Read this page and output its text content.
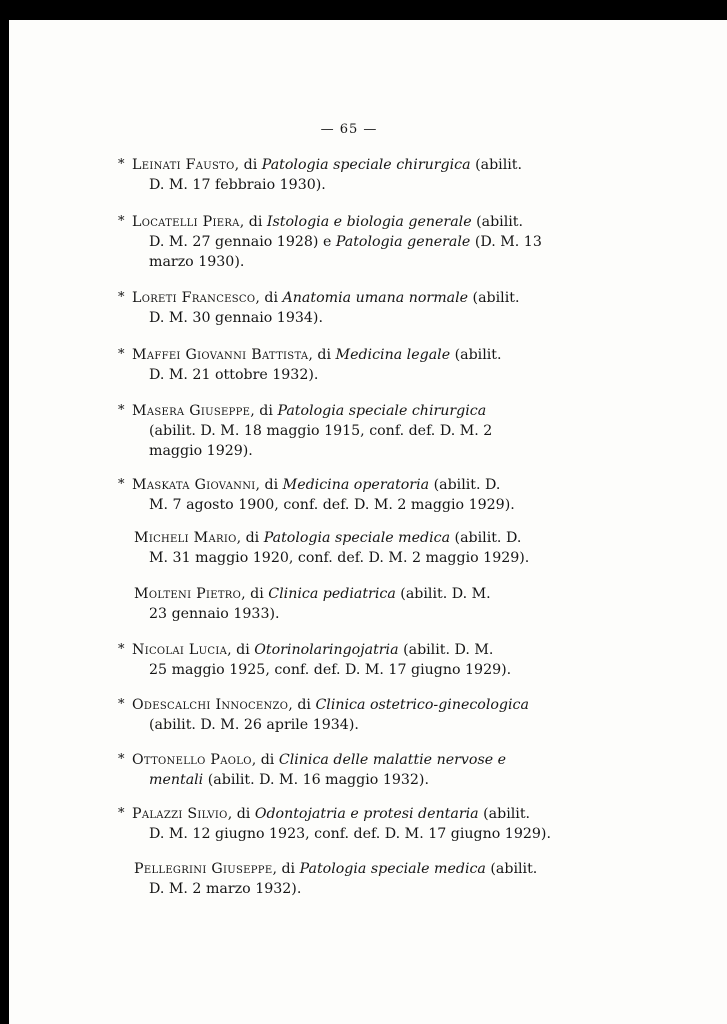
— 65 —
* Leinati Fausto, di Patologia speciale chirurgica (abilit.
D. M. 17 febbraio 1930).
* Locatelli Piera, di Istologia e biologia generale (abilit.
D. M. 27 gennaio 1928) e Patologia generale (D. M. 13
marzo 1930).
* Loreti Francesco, di Anatomia umana normale (abilit.
D. M. 30 gennaio 1934).
* Maffei Giovanni Battista, di Medicina legale (abilit.
D. M. 21 ottobre 1932).
* Masera Giuseppe, di Patologia speciale chirurgica
(abilit. D. M. 18 maggio 1915, conf. def. D. M. 2
maggio 1929).
* Maskata Giovanni, di Medicina operatoria (abilit. D.
M. 7 agosto 1900, conf. def. D. M. 2 maggio 1929).
Micheli Mario, di Patologia speciale medica (abilit. D.
M. 31 maggio 1920, conf. def. D. M. 2 maggio 1929).
Molteni Pietro, di Clinica pediatrica (abilit. D. M.
23 gennaio 1933).
* Nicolai Lucia, di Otorinolaringojatria (abilit. D. M.
25 maggio 1925, conf. def. D. M. 17 giugno 1929).
* Odescalchi Innocenzo, di Clinica ostetrico-ginecologica
(abilit. D. M. 26 aprile 1934).
* Ottonello Paolo, di Clinica delle malattie nervose e
mentali (abilit. D. M. 16 maggio 1932).
* Palazzi Silvio, di Odontojatria e protesi dentaria (abilit.
D. M. 12 giugno 1923, conf. def. D. M. 17 giugno 1929).
Pellegrini Giuseppe, di Patologia speciale medica (abilit.
D. M. 2 marzo 1932).
